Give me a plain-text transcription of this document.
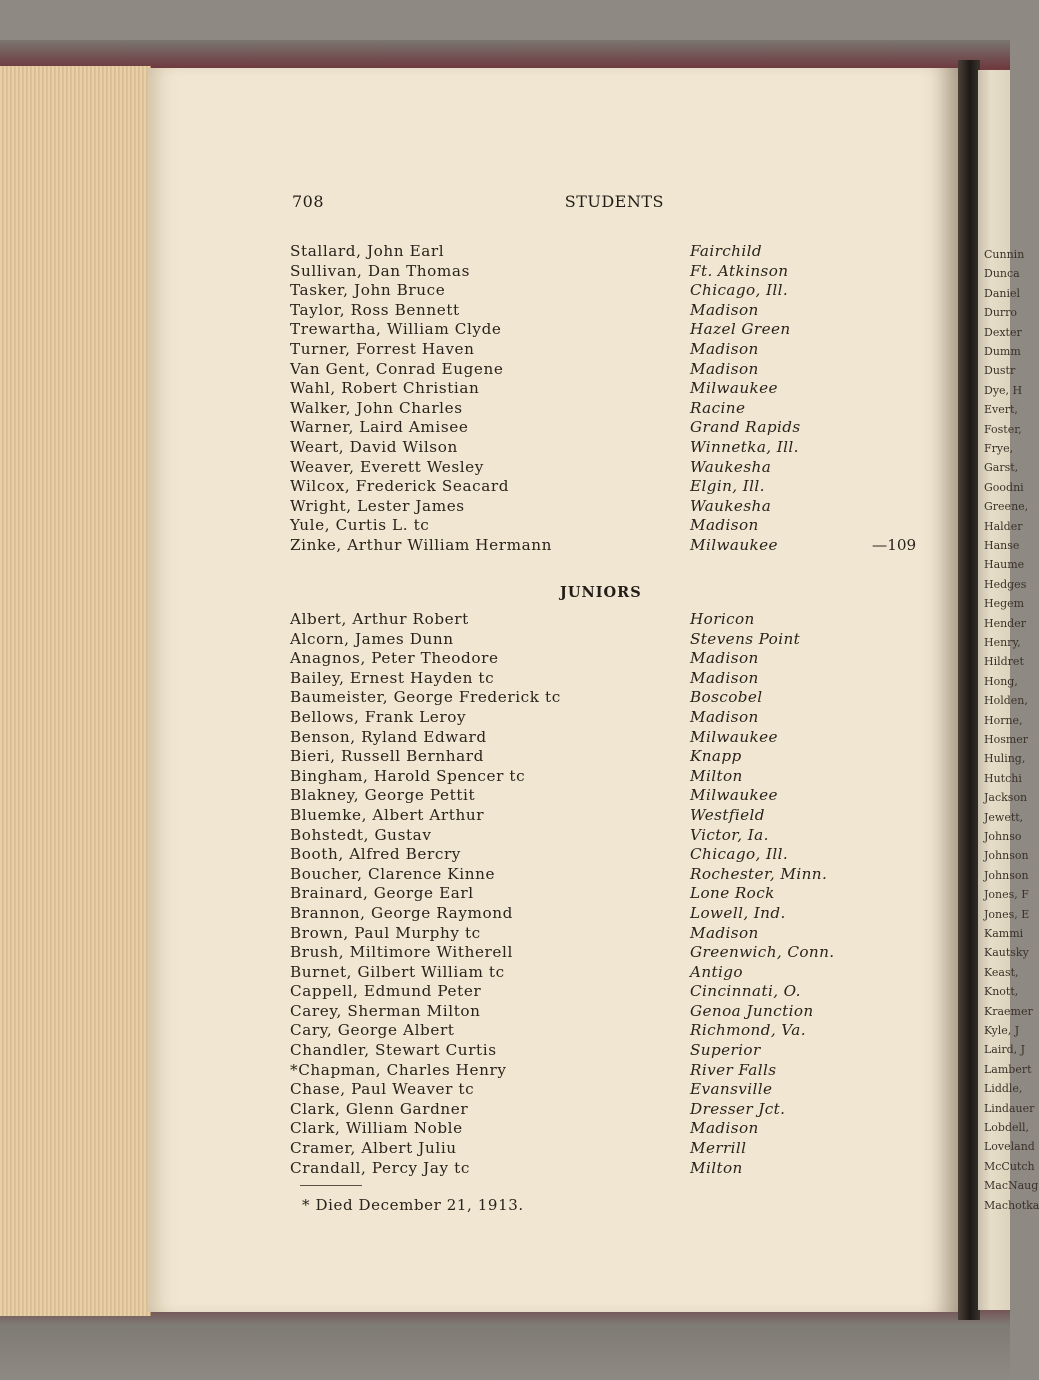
Cunnin
Dunca
Daniel
Durro
Dexter
Dumm
Dustr
Dye, H
Evert,
Foster,
Frye,
Garst,
Goodni
Greene,
Halder
Hanse
Haume
Hedges
Hegem
Hender
Henry,
Hildret
Hong,
Holden,
Horne,
Hosmer
Huling,
Hutchi
Jackson
Jewett,
Johnso
Johnson
Johnson
Jones, F
Jones, E
Kammi
Kautsky
Keast,
Knott,
Kraemer
Kyle, J
Laird, J
Lambert
Liddle,
Lindauer
Lobdell,
Loveland
McCutch
MacNaug
Machotka
708	STUDENTS
Stallard, John Earl	Fairchild
Sullivan, Dan Thomas	Ft. Atkinson
Tasker, John Bruce	Chicago, Ill.
Taylor, Ross Bennett	Madison
Trewartha, William Clyde	Hazel Green
Turner, Forrest Haven	Madison
Van Gent, Conrad Eugene	Madison
Wahl, Robert Christian	Milwaukee
Walker, John Charles	Racine
Warner, Laird Amisee	Grand Rapids
Weart, David Wilson	Winnetka, Ill.
Weaver, Everett Wesley	Waukesha
Wilcox, Frederick Seacard	Elgin, Ill.
Wright, Lester James	Waukesha
Yule, Curtis L. tc	Madison
Zinke, Arthur William Hermann	Milwaukee	—109
JUNIORS
Albert, Arthur Robert	Horicon
Alcorn, James Dunn	Stevens Point
Anagnos, Peter Theodore	Madison
Bailey, Ernest Hayden tc	Madison
Baumeister, George Frederick tc	Boscobel
Bellows, Frank Leroy	Madison
Benson, Ryland Edward	Milwaukee
Bieri, Russell Bernhard	Knapp
Bingham, Harold Spencer tc	Milton
Blakney, George Pettit	Milwaukee
Bluemke, Albert Arthur	Westfield
Bohstedt, Gustav	Victor, Ia.
Booth, Alfred Bercry	Chicago, Ill.
Boucher, Clarence Kinne	Rochester, Minn.
Brainard, George Earl	Lone Rock
Brannon, George Raymond	Lowell, Ind.
Brown, Paul Murphy tc	Madison
Brush, Miltimore Witherell	Greenwich, Conn.
Burnet, Gilbert William tc	Antigo
Cappell, Edmund Peter	Cincinnati, O.
Carey, Sherman Milton	Genoa Junction
Cary, George Albert	Richmond, Va.
Chandler, Stewart Curtis	Superior
*Chapman, Charles Henry	River Falls
Chase, Paul Weaver tc	Evansville
Clark, Glenn Gardner	Dresser Jct.
Clark, William Noble	Madison
Cramer, Albert Juliu	Merrill
Crandall, Percy Jay tc	Milton
* Died December 21, 1913.
